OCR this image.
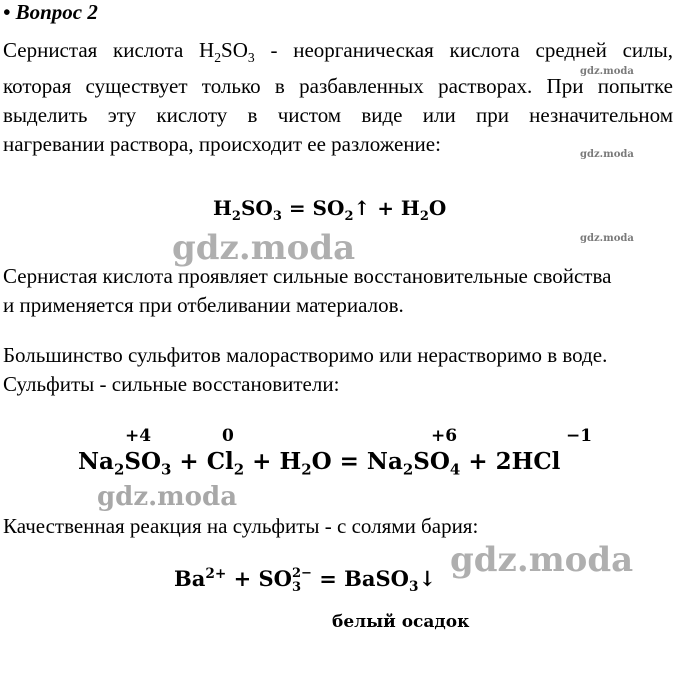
• Вопрос 2
Сернистая кислота $H_2SO_3$ - неорганическая кислота средней силы,
которая существует только в разбавленных растворах. При попытке
выделить эту кислоту в чистом виде или при незначительном
нагревании раствора, происходит ее разложение:
gdz.moda
gdz.moda
gdz.moda
$H_2SO_3$ = $SO_2↑ + H_2O$
gdz.moda
Сернистая кислота проявляет сильные восстановительные свойства
и применяется при отбеливании материалов.
Большинство сульфитов малорастворимо или нерастворимо в воде.
Сульфиты - сильные восстановители:
+4	0	+6	−1
$Na_2SO_3 + Cl_2 + H_2O = Na_2SO_4 + 2HCl$
gdz.moda
Качественная реакция на сульфиты - с солями бария:
gdz.moda
$Ba^{2+}$ + SO 2−
3 = BaSO$_3$↓
белый осадок
